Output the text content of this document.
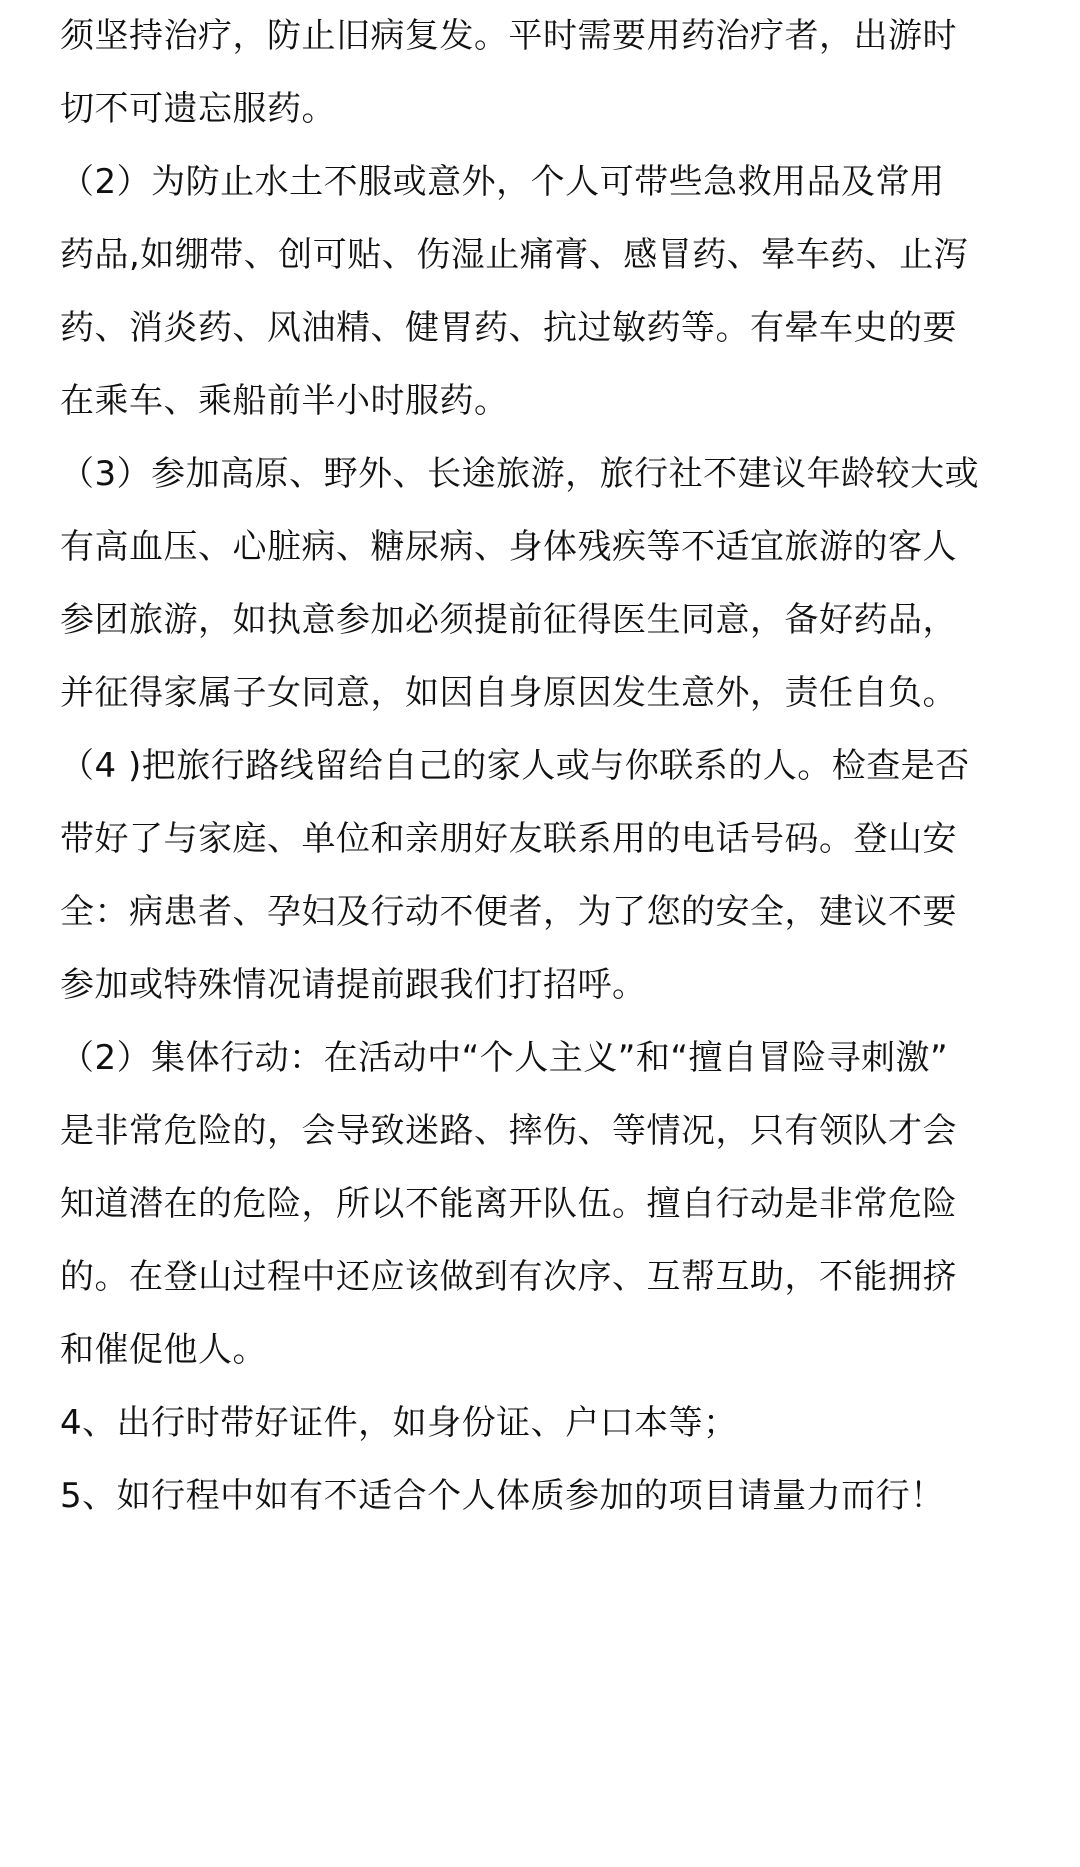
须坚持治疗，防止旧病复发。平时需要用药治疗者，出游时
切不可遗忘服药。
（2）为防止水土不服或意外，个人可带些急救用品及常用
药品,如绷带、创可贴、伤湿止痛膏、感冒药、晕车药、止泻
药、消炎药、风油精、健胃药、抗过敏药等。有晕车史的要
在乘车、乘船前半小时服药。
（3）参加高原、野外、长途旅游，旅行社不建议年龄较大或
有高血压、心脏病、糖尿病、身体残疾等不适宜旅游的客人
参团旅游，如执意参加必须提前征得医生同意，备好药品，
并征得家属子女同意，如因自身原因发生意外，责任自负。
（4 )把旅行路线留给自己的家人或与你联系的人。检查是否
带好了与家庭、单位和亲朋好友联系用的电话号码。登山安
全：病患者、孕妇及行动不便者，为了您的安全，建议不要
参加或特殊情况请提前跟我们打招呼。
（2）集体行动：在活动中“个人主义”和“擅自冒险寻刺激”
是非常危险的，会导致迷路、摔伤、等情况，只有领队才会
知道潜在的危险，所以不能离开队伍。擅自行动是非常危险
的。在登山过程中还应该做到有次序、互帮互助，不能拥挤
和催促他人。
4、出行时带好证件，如身份证、户口本等；
5、如行程中如有不适合个人体质参加的项目请量力而行！
